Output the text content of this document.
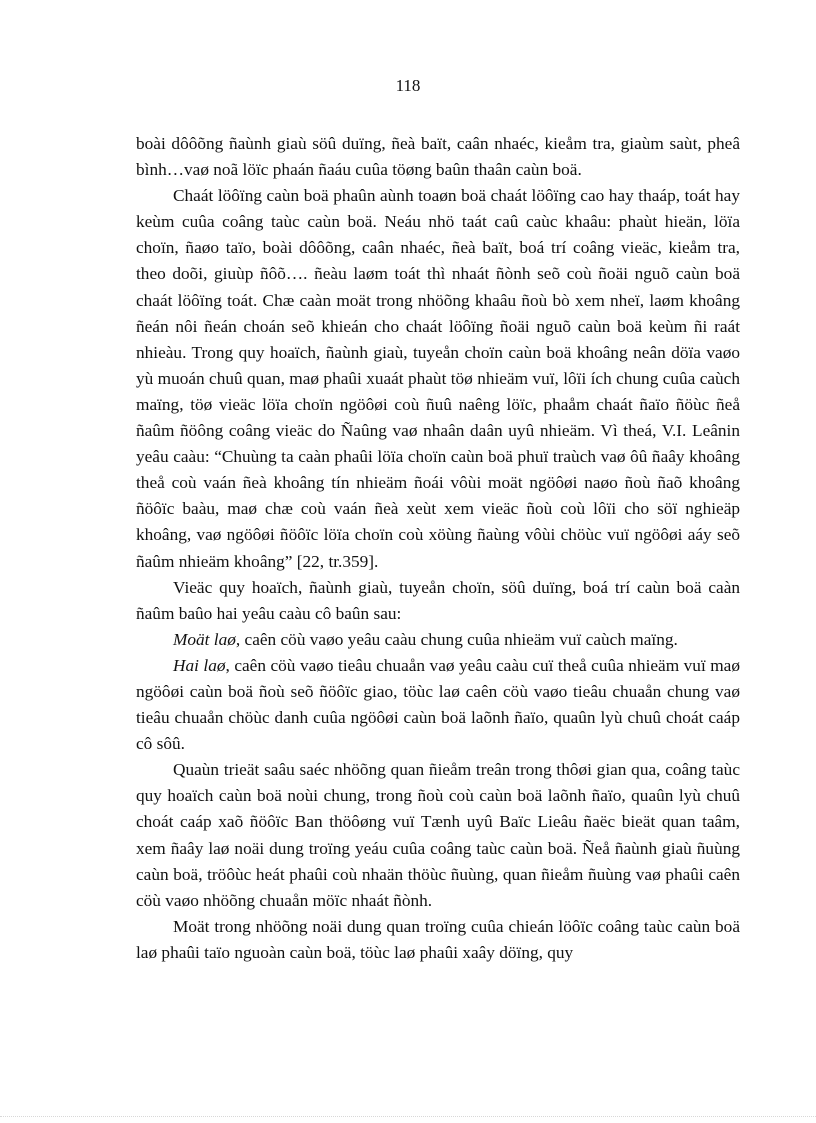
118

boài dôôõng ñaùnh giaù söû duïng, ñeà baït, caân nhaéc, kieåm tra, giaùm saùt, pheâ bình…vaø noã löïc phaán ñaáu cuûa töøng baûn thaân caùn boä.

Chaát löôïng caùn boä phaûn aùnh toaøn boä chaát löôïng cao hay thaáp, toát hay keùm cuûa coâng taùc caùn boä. Neáu nhö taát caû caùc khaâu: phaùt hieän, löïa choïn, ñaøo taïo, boài dôôõng, caân nhaéc, ñeà baït, boá trí coâng vieäc, kieåm tra, theo doõi, giuùp ñôõ…. ñeàu laøm toát thì nhaát ñònh seõ coù ñoäi nguõ caùn boä chaát löôïng toát. Chæ caàn moät trong nhöõng khaâu ñoù bò xem nheï, laøm khoâng ñeán nôi ñeán choán seõ khieán cho chaát löôïng ñoäi nguõ caùn boä keùm ñi raát nhieàu. Trong quy hoaïch, ñaùnh giaù, tuyeån choïn caùn boä khoâng neân döïa vaøo yù muoán chuû quan, maø phaûi xuaát phaùt töø nhieäm vuï, lôïi ích chung cuûa caùch maïng, töø vieäc löïa choïn ngöôøi coù ñuû naêng löïc, phaåm chaát ñaïo ñöùc ñeå ñaûm ñöông coâng vieäc do Ñaûng vaø nhaân daân uyû nhieäm. Vì theá, V.I. Leânin yeâu caàu: “Chuùng ta caàn phaûi löïa choïn caùn boä phuï traùch vaø ôû ñaây khoâng theå coù vaán ñeà khoâng tín nhieäm ñoái vôùi moät ngöôøi naøo ñoù ñaõ khoâng ñöôïc baàu, maø chæ coù vaán ñeà xeùt xem vieäc ñoù coù lôïi cho söï nghieäp khoâng, vaø ngöôøi ñöôïc löïa choïn coù xöùng ñaùng vôùi chöùc vuï ngöôøi aáy seõ ñaûm nhieäm khoâng” [22, tr.359].

Vieäc quy hoaïch, ñaùnh giaù, tuyeån choïn, söû duïng, boá trí caùn boä caàn ñaûm baûo hai yeâu caàu cô baûn sau:

Moät laø, caên cöù vaøo yeâu caàu chung cuûa nhieäm vuï caùch maïng.

Hai laø, caên cöù vaøo tieâu chuaån vaø yeâu caàu cuï theå cuûa nhieäm vuï maø ngöôøi caùn boä ñoù seõ ñöôïc giao, töùc laø caên cöù vaøo tieâu chuaån chung vaø tieâu chuaån chöùc danh cuûa ngöôøi caùn boä laõnh ñaïo, quaûn lyù chuû choát caáp cô sôû.

Quaùn trieät saâu saéc nhöõng quan ñieåm treân trong thôøi gian qua, coâng taùc quy hoaïch caùn boä noùi chung, trong ñoù coù caùn boä laõnh ñaïo, quaûn lyù chuû choát caáp xaõ ñöôïc Ban thöôøng vuï Tænh uyû Baïc Lieâu ñaëc bieät quan taâm, xem ñaây laø noäi dung troïng yeáu cuûa coâng taùc caùn boä. Ñeå ñaùnh giaù ñuùng caùn boä, tröôùc heát phaûi coù nhaän thöùc ñuùng, quan ñieåm ñuùng vaø phaûi caên cöù vaøo nhöõng chuaån möïc nhaát ñònh.

Moät trong nhöõng noäi dung quan troïng cuûa chieán löôïc coâng taùc caùn boä laø phaûi taïo nguoàn caùn boä, töùc laø phaûi xaây döïng, quy
